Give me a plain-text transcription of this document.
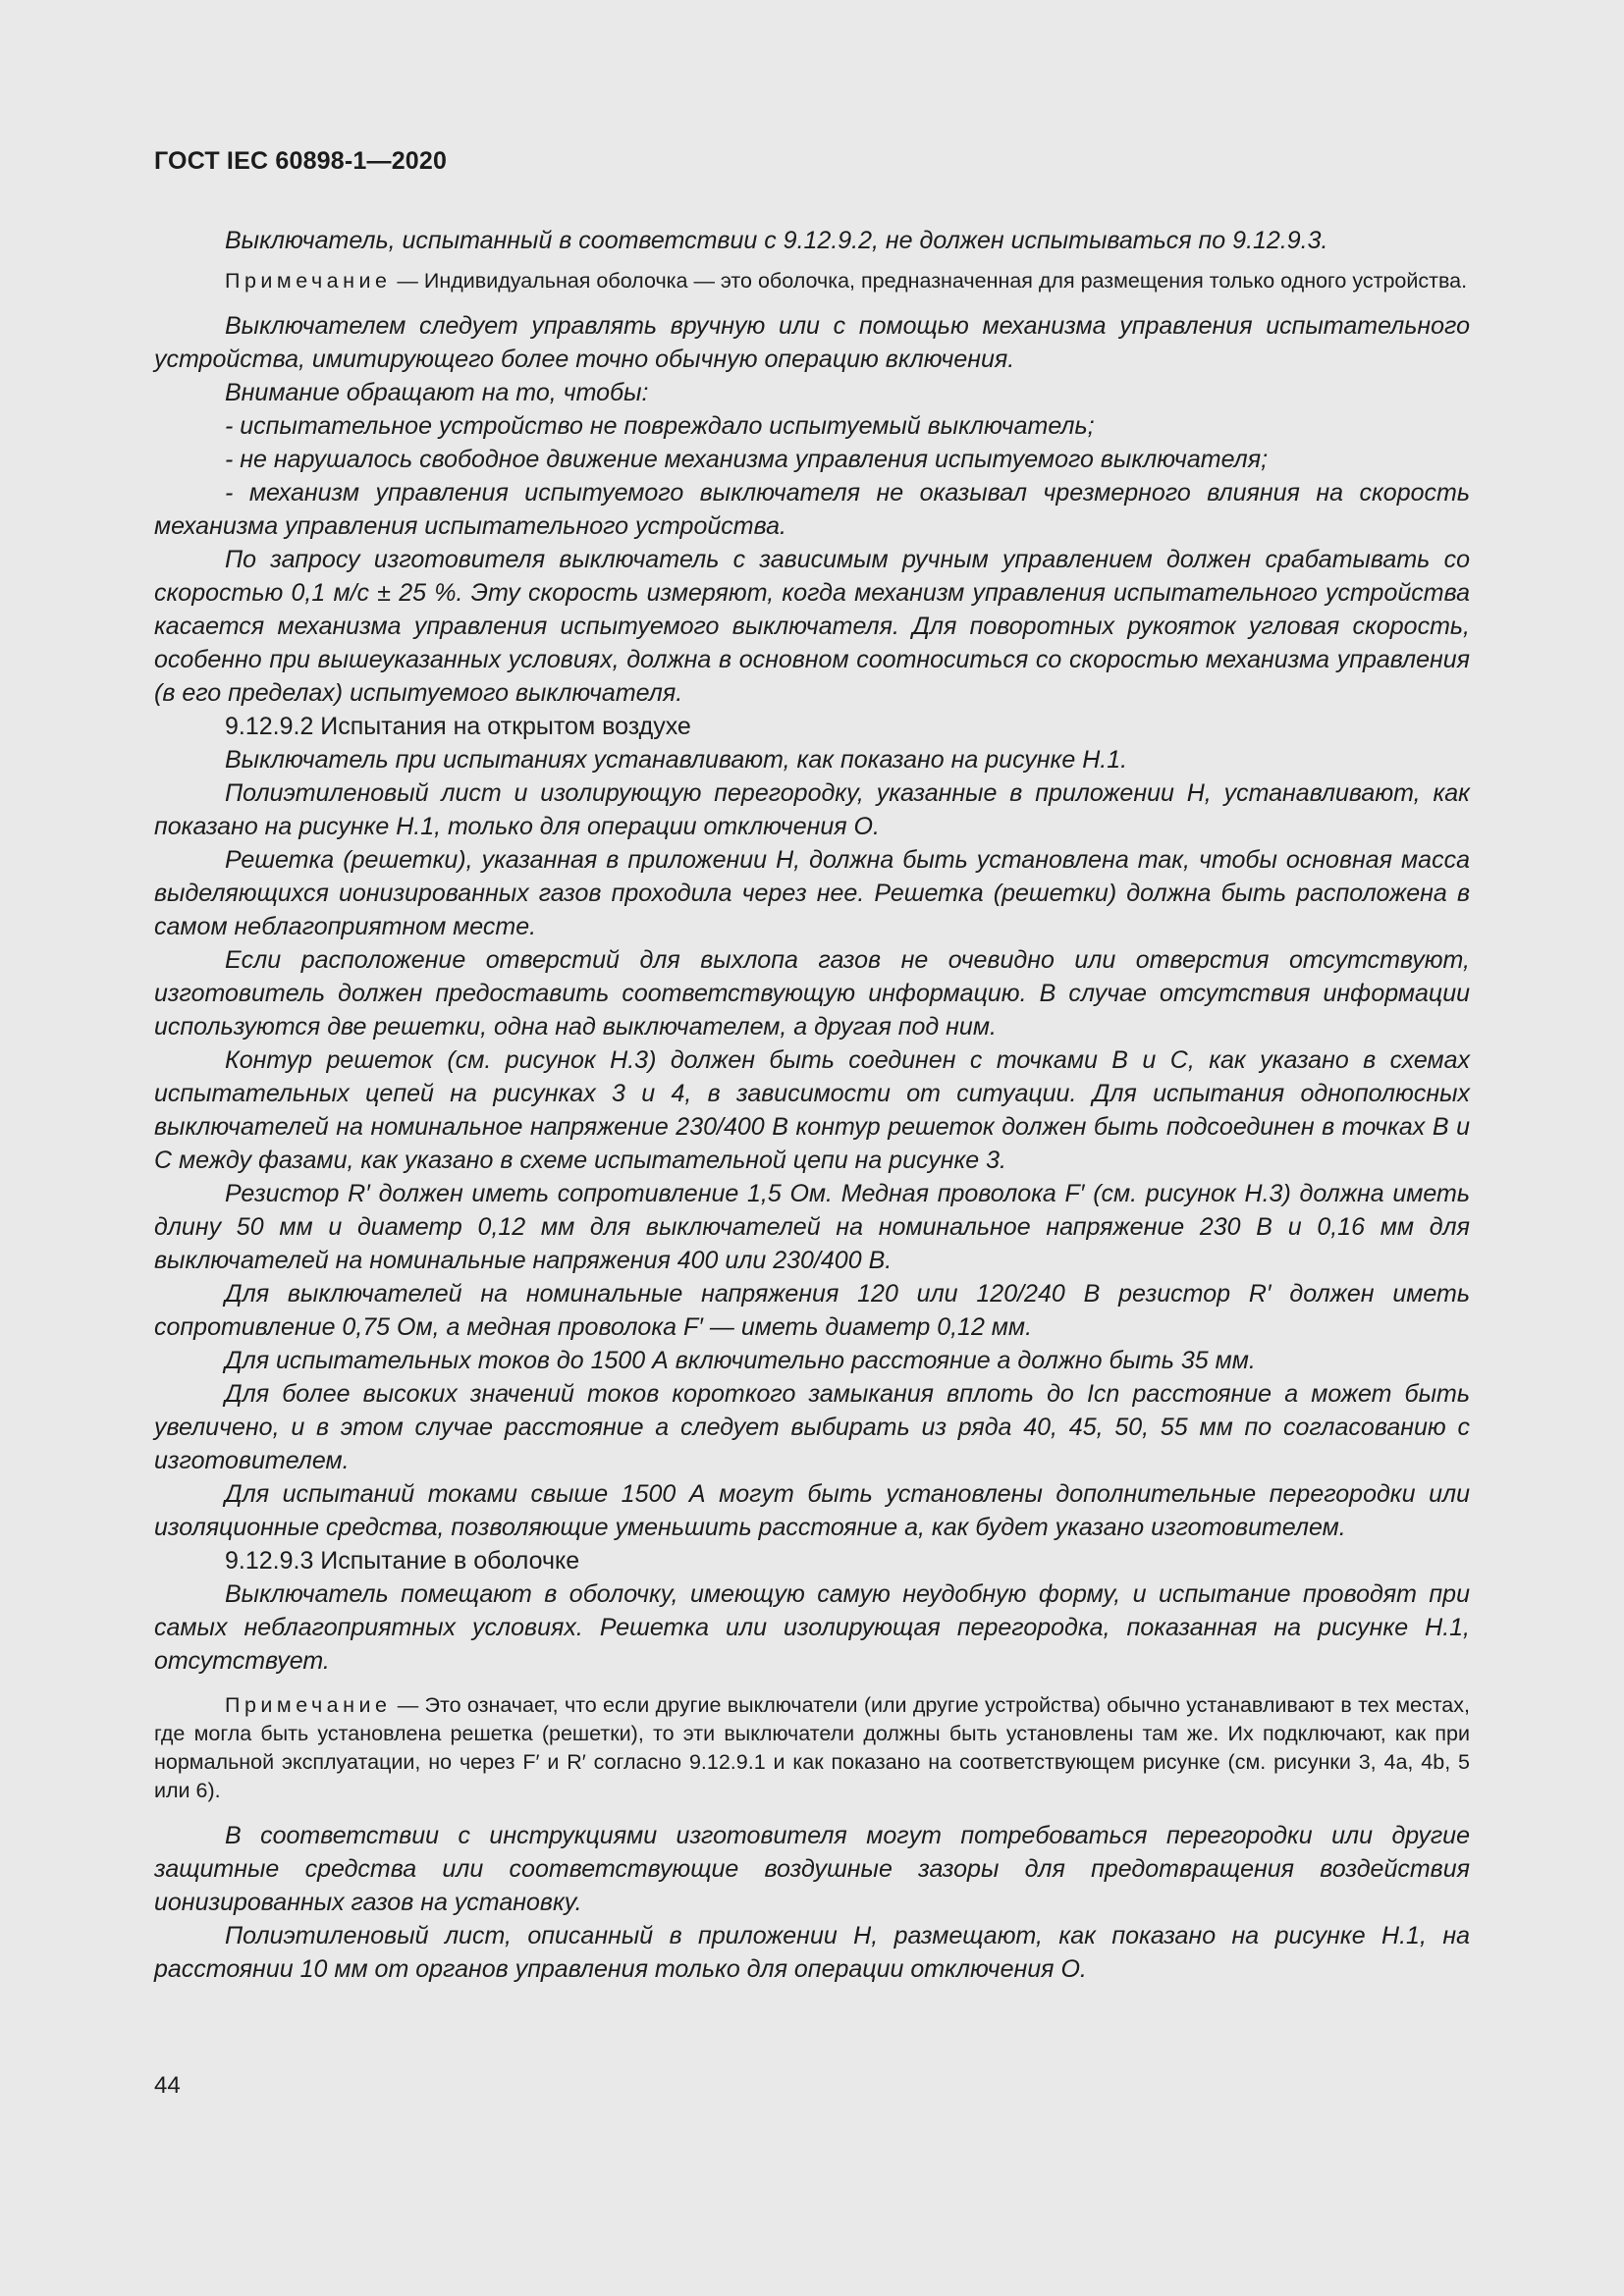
ГОСТ IEC 60898-1—2020

Выключатель, испытанный в соответствии с 9.12.9.2, не должен испытываться по 9.12.9.3.

Примечание — Индивидуальная оболочка — это оболочка, предназначенная для размещения только одного устройства.

Выключателем следует управлять вручную или с помощью механизма управления испытательного устройства, имитирующего более точно обычную операцию включения.

Внимание обращают на то, чтобы:

- испытательное устройство не повреждало испытуемый выключатель;

- не нарушалось свободное движение механизма управления испытуемого выключателя;

- механизм управления испытуемого выключателя не оказывал чрезмерного влияния на скорость механизма управления испытательного устройства.

По запросу изготовителя выключатель с зависимым ручным управлением должен срабатывать со скоростью 0,1 м/с ± 25 %. Эту скорость измеряют, когда механизм управления испытательного устройства касается механизма управления испытуемого выключателя. Для поворотных рукояток угловая скорость, особенно при вышеуказанных условиях, должна в основном соотноситься со скоростью механизма управления (в его пределах) испытуемого выключателя.

9.12.9.2 Испытания на открытом воздухе

Выключатель при испытаниях устанавливают, как показано на рисунке H.1.

Полиэтиленовый лист и изолирующую перегородку, указанные в приложении H, устанавливают, как показано на рисунке H.1, только для операции отключения O.

Решетка (решетки), указанная в приложении H, должна быть установлена так, чтобы основная масса выделяющихся ионизированных газов проходила через нее. Решетка (решетки) должна быть расположена в самом неблагоприятном месте.

Если расположение отверстий для выхлопа газов не очевидно или отверстия отсутствуют, изготовитель должен предоставить соответствующую информацию. В случае отсутствия информации используются две решетки, одна над выключателем, а другая под ним.

Контур решеток (см. рисунок H.3) должен быть соединен с точками B и C, как указано в схемах испытательных цепей на рисунках 3 и 4, в зависимости от ситуации. Для испытания однополюсных выключателей на номинальное напряжение 230/400 В контур решеток должен быть подсоединен в точках B и C между фазами, как указано в схеме испытательной цепи на рисунке 3.

Резистор R′ должен иметь сопротивление 1,5 Ом. Медная проволока F′ (см. рисунок H.3) должна иметь длину 50 мм и диаметр 0,12 мм для выключателей на номинальное напряжение 230 В и 0,16 мм для выключателей на номинальные напряжения 400 или 230/400 В.

Для выключателей на номинальные напряжения 120 или 120/240 В резистор R′ должен иметь сопротивление 0,75 Ом, а медная проволока F′ — иметь диаметр 0,12 мм.

Для испытательных токов до 1500 А включительно расстояние a должно быть 35 мм.

Для более высоких значений токов короткого замыкания вплоть до Icn расстояние a может быть увеличено, и в этом случае расстояние a следует выбирать из ряда 40, 45, 50, 55 мм по согласованию с изготовителем.

Для испытаний токами свыше 1500 А могут быть установлены дополнительные перегородки или изоляционные средства, позволяющие уменьшить расстояние a, как будет указано изготовителем.

9.12.9.3 Испытание в оболочке

Выключатель помещают в оболочку, имеющую самую неудобную форму, и испытание проводят при самых неблагоприятных условиях. Решетка или изолирующая перегородка, показанная на рисунке H.1, отсутствует.

Примечание — Это означает, что если другие выключатели (или другие устройства) обычно устанавливают в тех местах, где могла быть установлена решетка (решетки), то эти выключатели должны быть установлены там же. Их подключают, как при нормальной эксплуатации, но через F′ и R′ согласно 9.12.9.1 и как показано на соответствующем рисунке (см. рисунки 3, 4a, 4b, 5 или 6).

В соответствии с инструкциями изготовителя могут потребоваться перегородки или другие защитные средства или соответствующие воздушные зазоры для предотвращения воздействия ионизированных газов на установку.

Полиэтиленовый лист, описанный в приложении H, размещают, как показано на рисунке H.1, на расстоянии 10 мм от органов управления только для операции отключения O.

44
